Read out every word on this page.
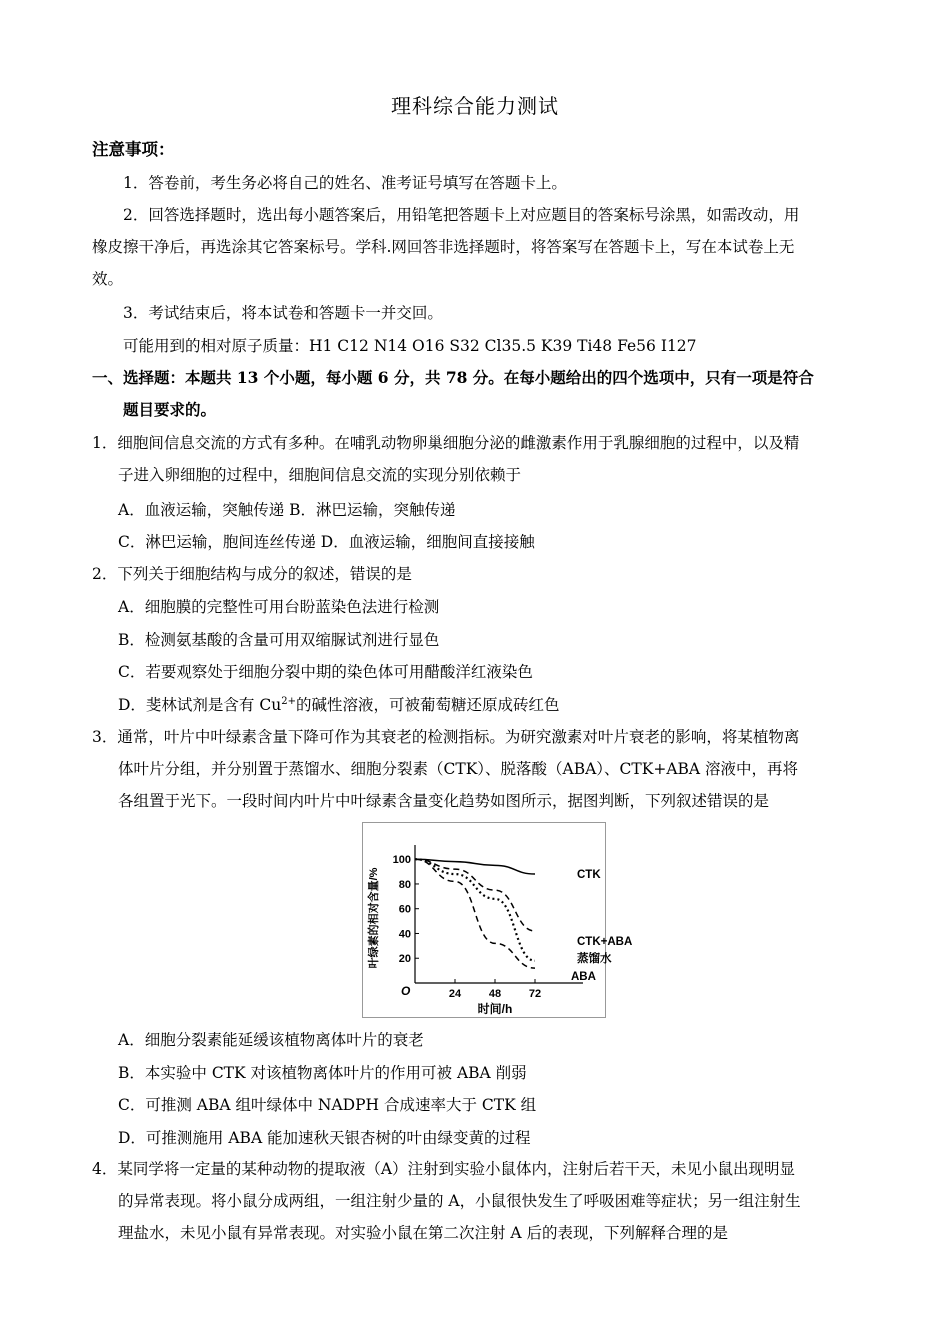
理科综合能力测试
注意事项：
1．答卷前，考生务必将自己的姓名、准考证号填写在答题卡上。
2．回答选择题时，选出每小题答案后，用铅笔把答题卡上对应题目的答案标号涂黑，如需改动，用
橡皮擦干净后，再选涂其它答案标号。学科.网回答非选择题时，将答案写在答题卡上，写在本试卷上无
效。
3．考试结束后，将本试卷和答题卡一并交回。
可能用到的相对原子质量：H1 C12 N14 O16 S32 Cl35.5 K39 Ti48 Fe56 I127
一、选择题：本题共 13 个小题，每小题 6 分，共 78 分。在每小题给出的四个选项中，只有一项是符合
题目要求的。
1．细胞间信息交流的方式有多种。在哺乳动物卵巢细胞分泌的雌激素作用于乳腺细胞的过程中，以及精
子进入卵细胞的过程中，细胞间信息交流的实现分别依赖于
A．血液运输，突触传递 B．淋巴运输，突触传递
C．淋巴运输，胞间连丝传递 D．血液运输，细胞间直接接触
2．下列关于细胞结构与成分的叙述，错误的是
A．细胞膜的完整性可用台盼蓝染色法进行检测
B．检测氨基酸的含量可用双缩脲试剂进行显色
C．若要观察处于细胞分裂中期的染色体可用醋酸洋红液染色
D．斐林试剂是含有 $Cu^{2+}$的碱性溶液，可被葡萄糖还原成砖红色
3．通常，叶片中叶绿素含量下降可作为其衰老的检测指标。为研究激素对叶片衰老的影响，将某植物离
体叶片分组，并分别置于蒸馏水、细胞分裂素（CTK）、脱落酸（ABA）、CTK+ABA 溶液中，再将
各组置于光下。一段时间内叶片中叶绿素含量变化趋势如图所示，据图判断，下列叙述错误的是
O	24	48	72
20
40
60
80
100
时间/h
叶绿素的相对含量/%	CTK
CTK+ABA
蒸馏水
ABA
A．细胞分裂素能延缓该植物离体叶片的衰老
B．本实验中 CTK 对该植物离体叶片的作用可被 ABA 削弱
C．可推测 ABA 组叶绿体中 NADPH 合成速率大于 CTK 组
D．可推测施用 ABA 能加速秋天银杏树的叶由绿变黄的过程
4．某同学将一定量的某种动物的提取液（A）注射到实验小鼠体内，注射后若干天，未见小鼠出现明显
的异常表现。将小鼠分成两组，一组注射少量的 A，小鼠很快发生了呼吸困难等症状；另一组注射生
理盐水，未见小鼠有异常表现。对实验小鼠在第二次注射 A 后的表现，下列解释合理的是
